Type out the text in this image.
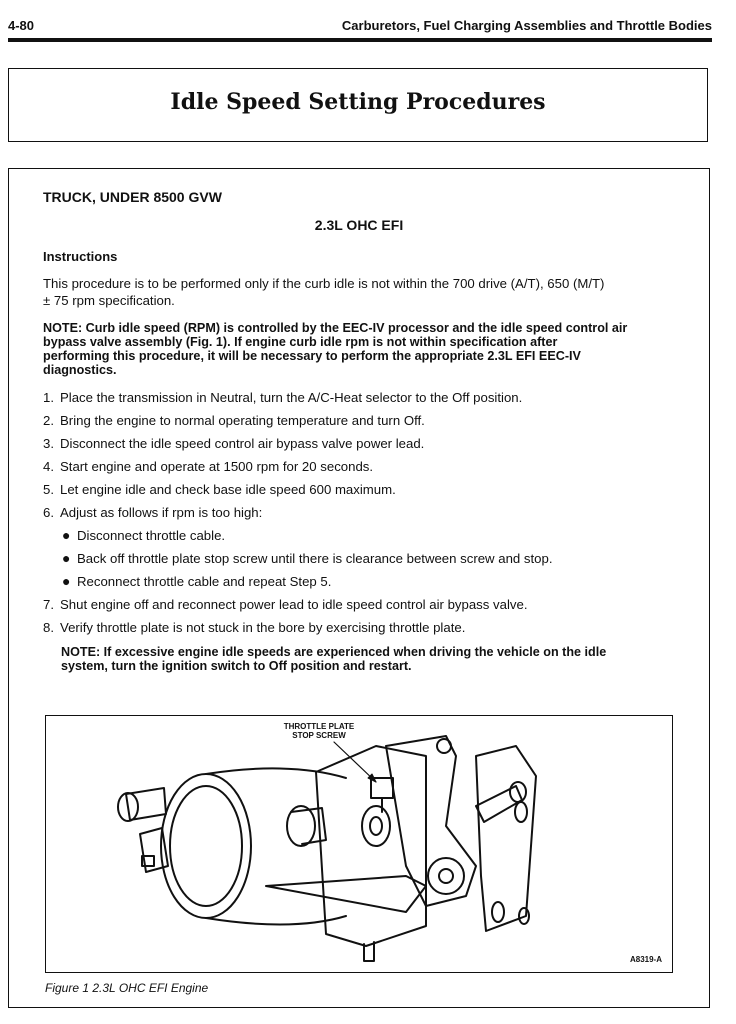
4-80	Carburetors, Fuel Charging Assemblies and Throttle Bodies
Idle Speed Setting Procedures
TRUCK, UNDER 8500 GVW
2.3L OHC EFI
Instructions
This procedure is to be performed only if the curb idle is not within the 700 drive (A/T), 650 (M/T)
± 75 rpm specification.
NOTE: Curb idle speed (RPM) is controlled by the EEC-IV processor and the idle speed control air
bypass valve assembly (Fig. 1). If engine curb idle rpm is not within specification after
performing this procedure, it will be necessary to perform the appropriate 2.3L EFI EEC-IV
diagnostics.
1. Place the transmission in Neutral, turn the A/C-Heat selector to the Off position.
2. Bring the engine to normal operating temperature and turn Off.
3. Disconnect the idle speed control air bypass valve power lead.
4. Start engine and operate at 1500 rpm for 20 seconds.
5. Let engine idle and check base idle speed 600 maximum.
6. Adjust as follows if rpm is too high:
● Disconnect throttle cable.
● Back off throttle plate stop screw until there is clearance between screw and stop.
● Reconnect throttle cable and repeat Step 5.
7. Shut engine off and reconnect power lead to idle speed control air bypass valve.
8. Verify throttle plate is not stuck in the bore by exercising throttle plate.
NOTE: If excessive engine idle speeds are experienced when driving the vehicle on the idle
system, turn the ignition switch to Off position and restart.
THROTTLE PLATE
STOP SCREW
A8319-A
Figure 1 2.3L OHC EFI Engine
